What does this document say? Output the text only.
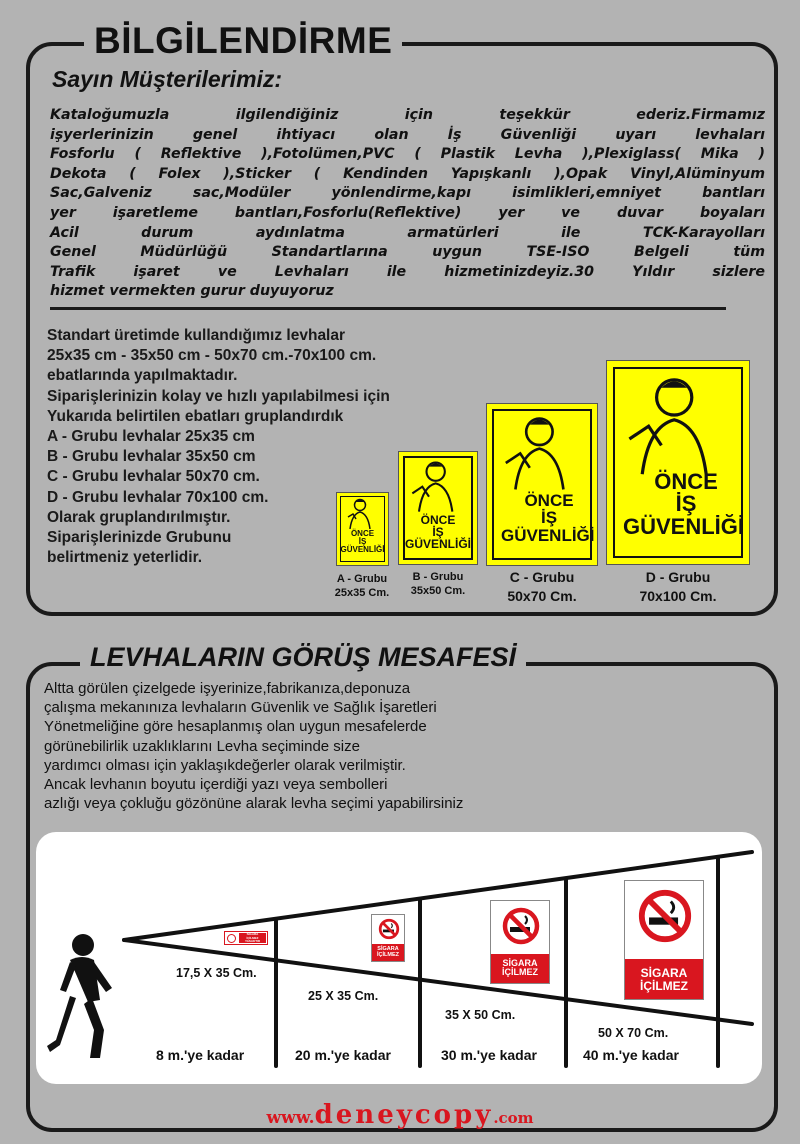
BİLGİLENDİRME
Sayın Müşterilerimiz:
Kataloğumuzla ilgilendiğiniz için teşekkür ederiz.Firmamız
işyerlerinizin genel ihtiyacı olan İş Güvenliği uyarı levhaları
Fosforlu ( Reflektive ),Fotolümen,PVC ( Plastik Levha ),Plexiglass( Mika )
Dekota ( Folex ),Sticker ( Kendinden Yapışkanlı ),Opak Vinyl,Alüminyum
Sac,Galveniz sac,Modüler yönlendirme,kapı isimlikleri,emniyet bantları
yer işaretleme bantları,Fosforlu(Reflektive) yer ve duvar boyaları
Acil durum aydınlatma armatürleri ile TCK-Karayolları
Genel Müdürlüğü Standartlarına uygun TSE-ISO Belgeli tüm
Trafik işaret ve Levhaları ile hizmetinizdeyiz.30 Yıldır sizlere
hizmet vermekten gurur duyuyoruz
Standart üretimde kullandığımız levhalar
25x35 cm - 35x50 cm - 50x70 cm.-70x100 cm.
ebatlarında yapılmaktadır.
Siparişlerinizin kolay ve hızlı yapılabilmesi için
Yukarıda belirtilen ebatları gruplandırdık
A - Grubu levhalar 25x35 cm
B - Grubu levhalar 35x50 cm
C - Grubu levhalar 50x70 cm.
D - Grubu levhalar 70x100 cm.
Olarak gruplandırılmıştır.
Siparişlerinizde Grubunu
belirtmeniz yeterlidir.
ÖNCE
İŞ
GÜVENLİĞİ
ÖNCE
İŞ
GÜVENLİĞİ
ÖNCE
İŞ
GÜVENLİĞİ
ÖNCE
İŞ
GÜVENLİĞİ
A - Grubu
25x35 Cm.
B - Grubu
35x50 Cm.
C - Grubu
50x70 Cm.
D - Grubu
70x100 Cm.
LEVHALARIN GÖRÜŞ MESAFESİ
Altta görülen çizelgede işyerinize,fabrikanıza,deponuza
çalışma mekanınıza levhaların Güvenlik ve Sağlık İşaretleri
Yönetmeliğine göre hesaplanmış olan uygun mesafelerde
görünebilirlik uzaklıklarını Levha seçiminde size
yardımcı olması için yaklaşıkdeğerler olarak verilmiştir.
Ancak levhanın boyutu içerdiği yazı veya sembolleri
azlığı veya çokluğu gözönüne alarak levha seçimi yapabilirsiniz
SİGARA
İÇİLMEZ
YASAKTIR
SİGARA
İÇİLMEZ
SİGARA
İÇİLMEZ	SİGARA
İÇİLMEZ
17,5 X 35 Cm.
25 X 35 Cm.
35 X 50 Cm.
50 X 70 Cm.
8 m.'ye kadar	20 m.'ye kadar	30 m.'ye kadar	40 m.'ye kadar
www.deneycopy.com
